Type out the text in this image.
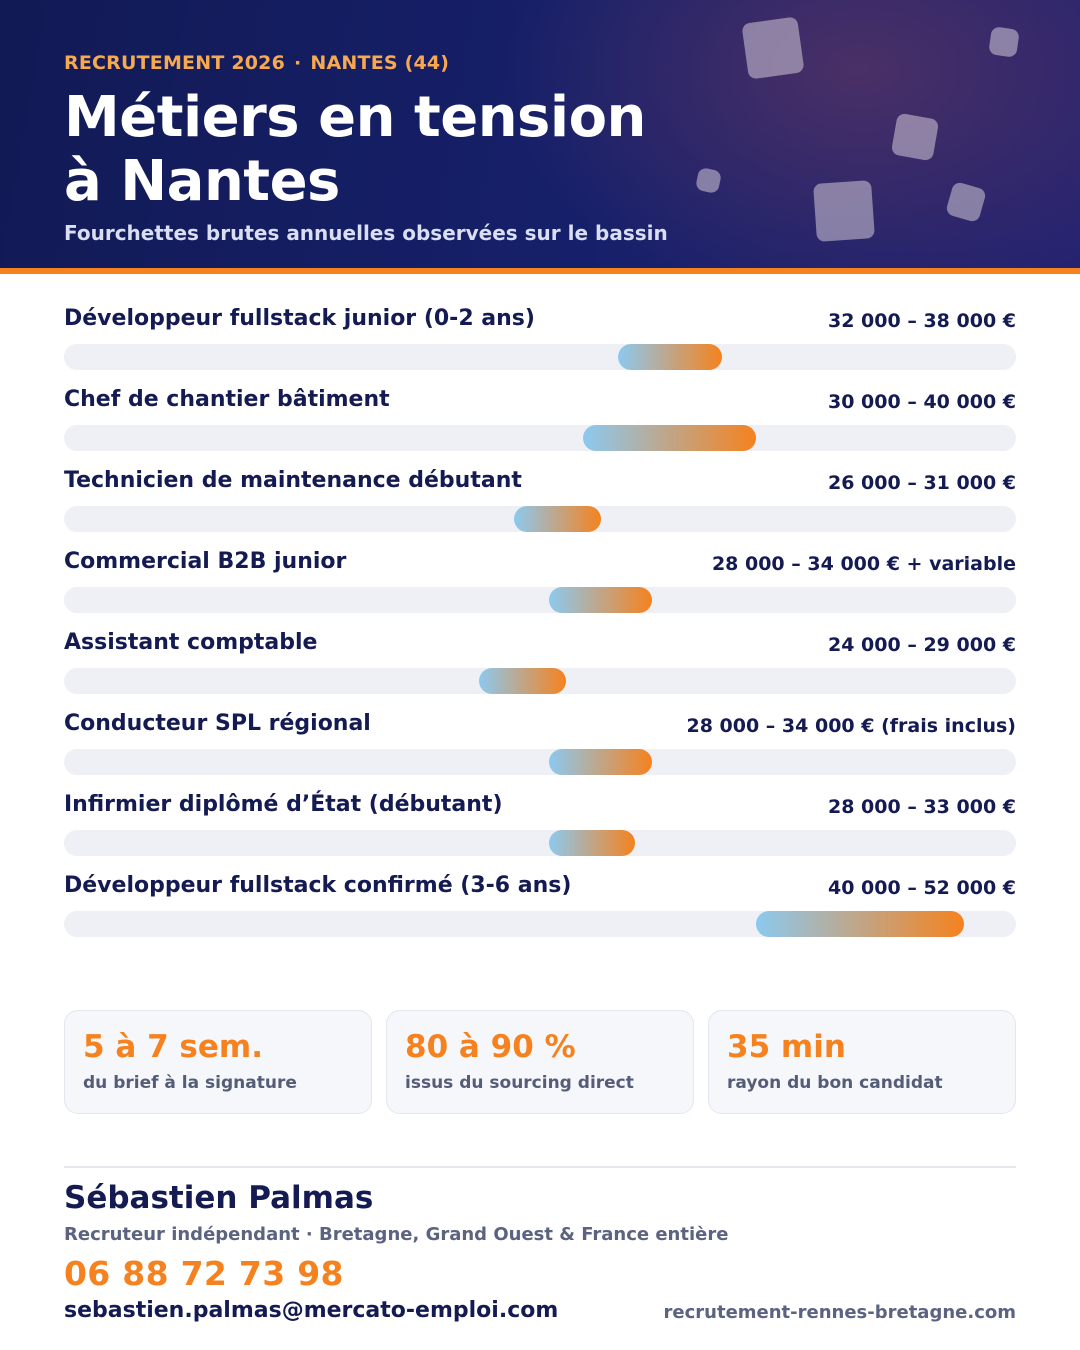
RECRUTEMENT 2026 · NANTES (44)
Métiers en tension
à Nantes
Fourchettes brutes annuelles observées sur le bassin
Développeur fullstack junior (0-2 ans)	32 000 – 38 000 €
Chef de chantier bâtiment	30 000 – 40 000 €
Technicien de maintenance débutant	26 000 – 31 000 €
Commercial B2B junior	28 000 – 34 000 € + variable
Assistant comptable	24 000 – 29 000 €
Conducteur SPL régional	28 000 – 34 000 € (frais inclus)
Infirmier diplômé d’État (débutant)	28 000 – 33 000 €
Développeur fullstack confirmé (3-6 ans)	40 000 – 52 000 €
5 à 7 sem.
du brief à la signature
80 à 90 %
issus du sourcing direct
35 min
rayon du bon candidat
Sébastien Palmas
Recruteur indépendant · Bretagne, Grand Ouest & France entière
06 88 72 73 98
sebastien.palmas@mercato-emploi.com	recrutement-rennes-bretagne.com
